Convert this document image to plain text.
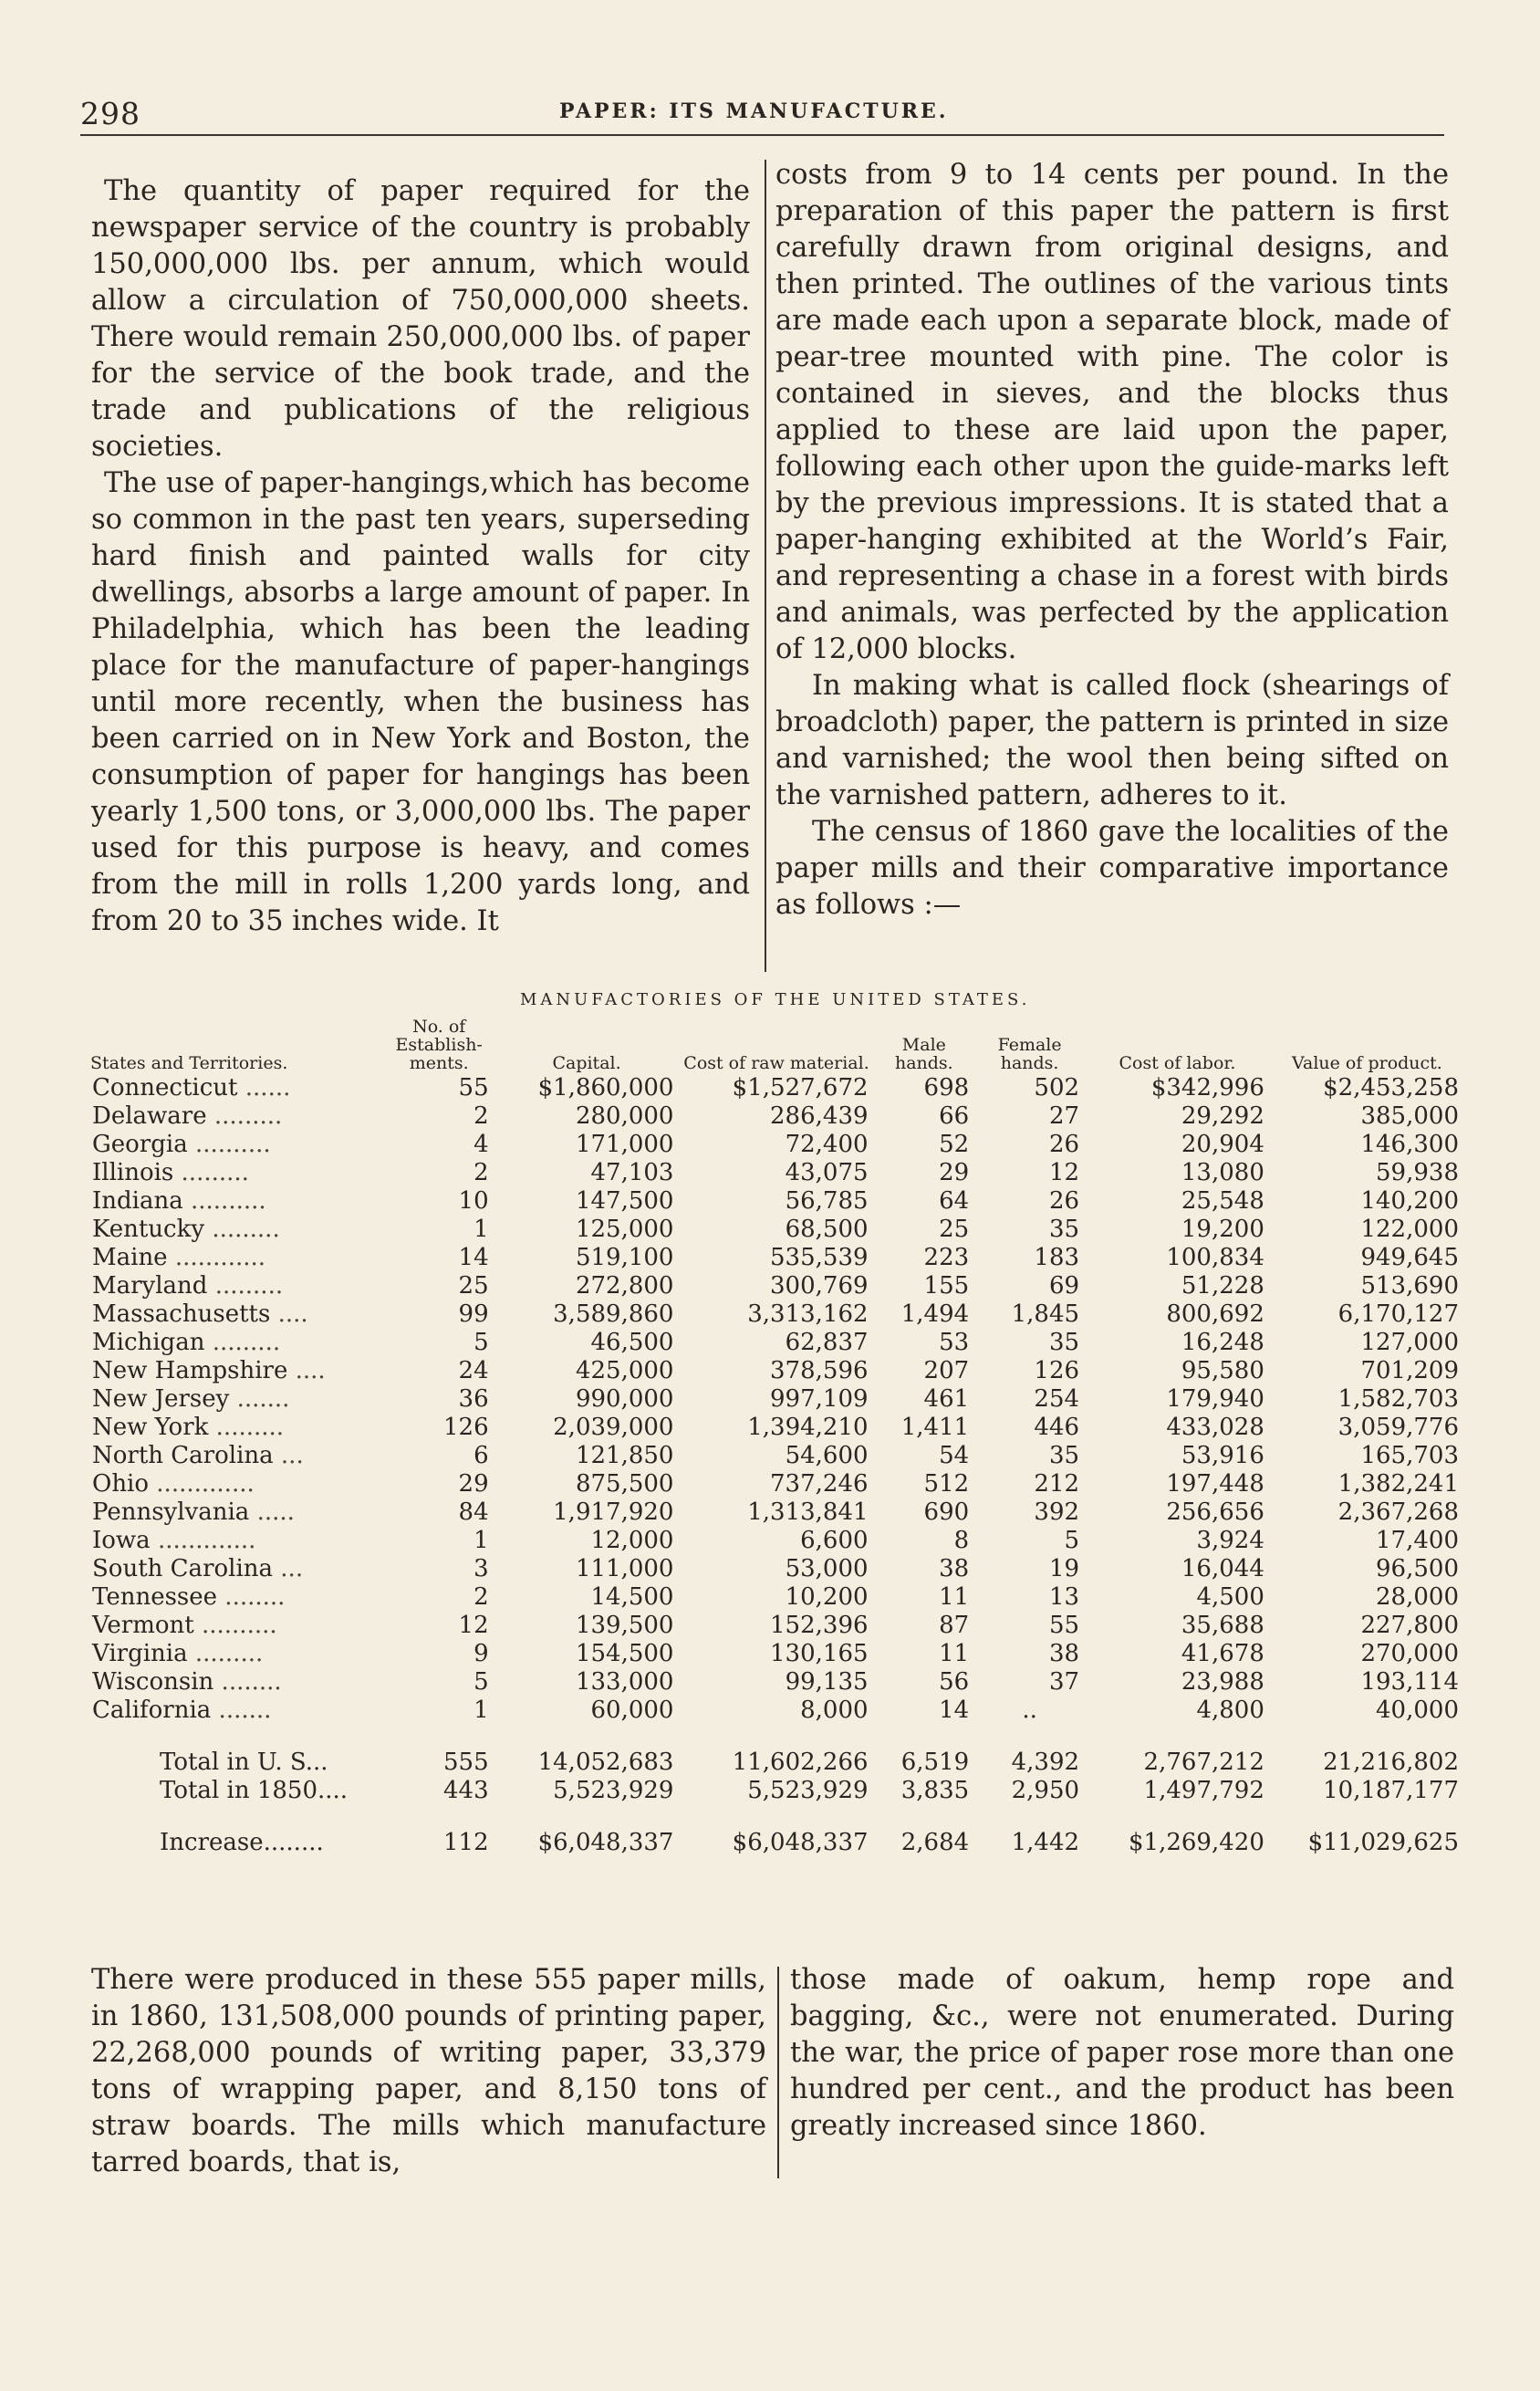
298	PAPER: ITS MANUFACTURE.

The quantity of paper required for the newspaper service of the country is probably 150,000,000 lbs. per annum, which would allow a circulation of 750,000,000 sheets. There would remain 250,000,000 lbs. of paper for the service of the book trade, and the trade and publications of the religious societies.

The use of paper-hangings,which has become so common in the past ten years, superseding hard finish and painted walls for city dwellings, absorbs a large amount of paper. In Philadelphia, which has been the leading place for the manufacture of paper-hangings until more recently, when the business has been carried on in New York and Boston, the consumption of paper for hangings has been yearly 1,500 tons, or 3,000,000 lbs. The paper used for this purpose is heavy, and comes from the mill in rolls 1,200 yards long, and from 20 to 35 inches wide. It

costs from 9 to 14 cents per pound. In the preparation of this paper the pattern is first carefully drawn from original designs, and then printed. The outlines of the various tints are made each upon a separate block, made of pear-tree mounted with pine. The color is contained in sieves, and the blocks thus applied to these are laid upon the paper, following each other upon the guide-marks left by the previous impressions. It is stated that a paper-hanging exhibited at the World’s Fair, and representing a chase in a forest with birds and animals, was perfected by the application of 12,000 blocks.

In making what is called flock (shearings of broadcloth) paper, the pattern is printed in size and varnished; the wool then being sifted on the varnished pattern, adheres to it.

The census of 1860 gave the localities of the paper mills and their comparative importance as follows :—

MANUFACTORIES OF THE UNITED STATES.
States and Territories.	No. of Establish- ments.	Capital.	Cost of raw material.	Male hands.	Female hands.	Cost of labor.	Value of product.
Connecticut ......	55	$1,860,000	$1,527,672	698	502	$342,996	$2,453,258
Delaware .........	2	280,000	286,439	66	27	29,292	385,000
Georgia ..........	4	171,000	72,400	52	26	20,904	146,300
Illinois .........	2	47,103	43,075	29	12	13,080	59,938
Indiana ..........	10	147,500	56,785	64	26	25,548	140,200
Kentucky .........	1	125,000	68,500	25	35	19,200	122,000
Maine ............	14	519,100	535,539	223	183	100,834	949,645
Maryland .........	25	272,800	300,769	155	69	51,228	513,690
Massachusetts ....	99	3,589,860	3,313,162	1,494	1,845	800,692	6,170,127
Michigan .........	5	46,500	62,837	53	35	16,248	127,000
New Hampshire ....	24	425,000	378,596	207	126	95,580	701,209
New Jersey .......	36	990,000	997,109	461	254	179,940	1,582,703
New York .........	126	2,039,000	1,394,210	1,411	446	433,028	3,059,776
North Carolina ...	6	121,850	54,600	54	35	53,916	165,703
Ohio .............	29	875,500	737,246	512	212	197,448	1,382,241
Pennsylvania .....	84	1,917,920	1,313,841	690	392	256,656	2,367,268
Iowa .............	1	12,000	6,600	8	5	3,924	17,400
South Carolina ...	3	111,000	53,000	38	19	16,044	96,500
Tennessee ........	2	14,500	10,200	11	13	4,500	28,000
Vermont ..........	12	139,500	152,396	87	55	35,688	227,800
Virginia .........	9	154,500	130,165	11	38	41,678	270,000
Wisconsin ........	5	133,000	99,135	56	37	23,988	193,114
California .......	1	60,000	8,000	14	..	4,800	40,000

Total in U. S...	555	14,052,683	11,602,266	6,519	4,392	2,767,212	21,216,802
Total in 1850....	443	5,523,929	5,523,929	3,835	2,950	1,497,792	10,187,177

Increase........	112	$6,048,337	$6,048,337	2,684	1,442	$1,269,420	$11,029,625

There were produced in these 555 paper mills, in 1860, 131,508,000 pounds of printing paper, 22,268,000 pounds of writing paper, 33,379 tons of wrapping paper, and 8,150 tons of straw boards. The mills which manufacture tarred boards, that is,

those made of oakum, hemp rope and bagging, &c., were not enumerated. During the war, the price of paper rose more than one hundred per cent., and the product has been greatly increased since 1860.
